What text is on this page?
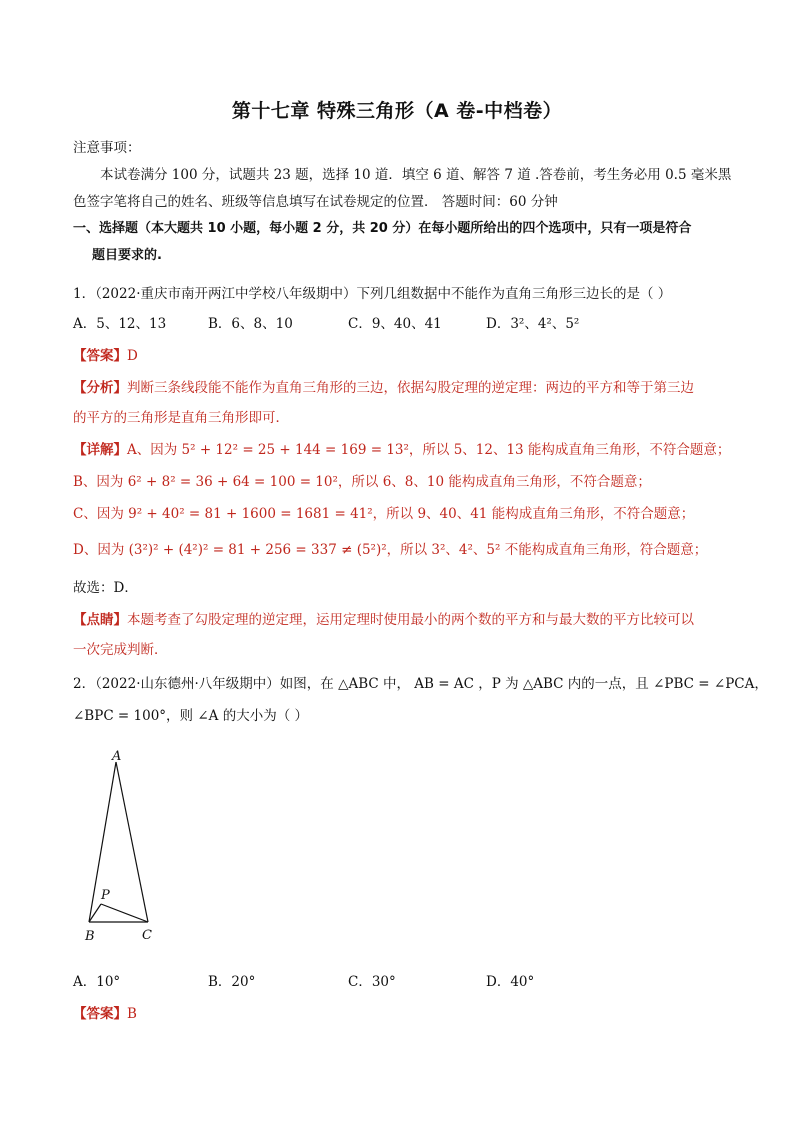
第十七章 特殊三角形（A 卷-中档卷）
注意事项：
本试卷满分 100 分，试题共 23 题，选择 10 道．填空 6 道、解答 7 道 .答卷前，考生务必用 0.5 毫米黑
色签字笔将自己的姓名、班级等信息填写在试卷规定的位置． 答题时间：60 分钟
一、选择题（本大题共 10 小题，每小题 2 分，共 20 分）在每小题所给出的四个选项中，只有一项是符合
题目要求的.
1．（2022·重庆市南开两江中学校八年级期中）下列几组数据中不能作为直角三角形三边长的是（ ）
A．5、12、13	B．6、8、10	C．9、40、41	D．3²、4²、5²
【答案】D
【分析】判断三条线段能不能作为直角三角形的三边，依据勾股定理的逆定理：两边的平方和等于第三边
的平方的三角形是直角三角形即可．
【详解】A、因为 5² + 12² = 25 + 144 = 169 = 13²，所以 5、12、13 能构成直角三角形，不符合题意；
B、因为 6² + 8² = 36 + 64 = 100 = 10²，所以 6、8、10 能构成直角三角形，不符合题意；
C、因为 9² + 40² = 81 + 1600 = 1681 = 41²，所以 9、40、41 能构成直角三角形，不符合题意；
D、因为 (3²)² + (4²)² = 81 + 256 = 337 ≠ (5²)²，所以 3²、4²、5² 不能构成直角三角形，符合题意；
故选：D．
【点睛】本题考查了勾股定理的逆定理，运用定理时使用最小的两个数的平方和与最大数的平方比较可以
一次完成判断．
2．（2022·山东德州·八年级期中）如图，在 △ABC 中， AB = AC ，P 为 △ABC 内的一点，且 ∠PBC = ∠PCA，
∠BPC = 100°，则 ∠A 的大小为（ ）
A
P
B	C
A．10°	B．20°	C．30°	D．40°
【答案】B
